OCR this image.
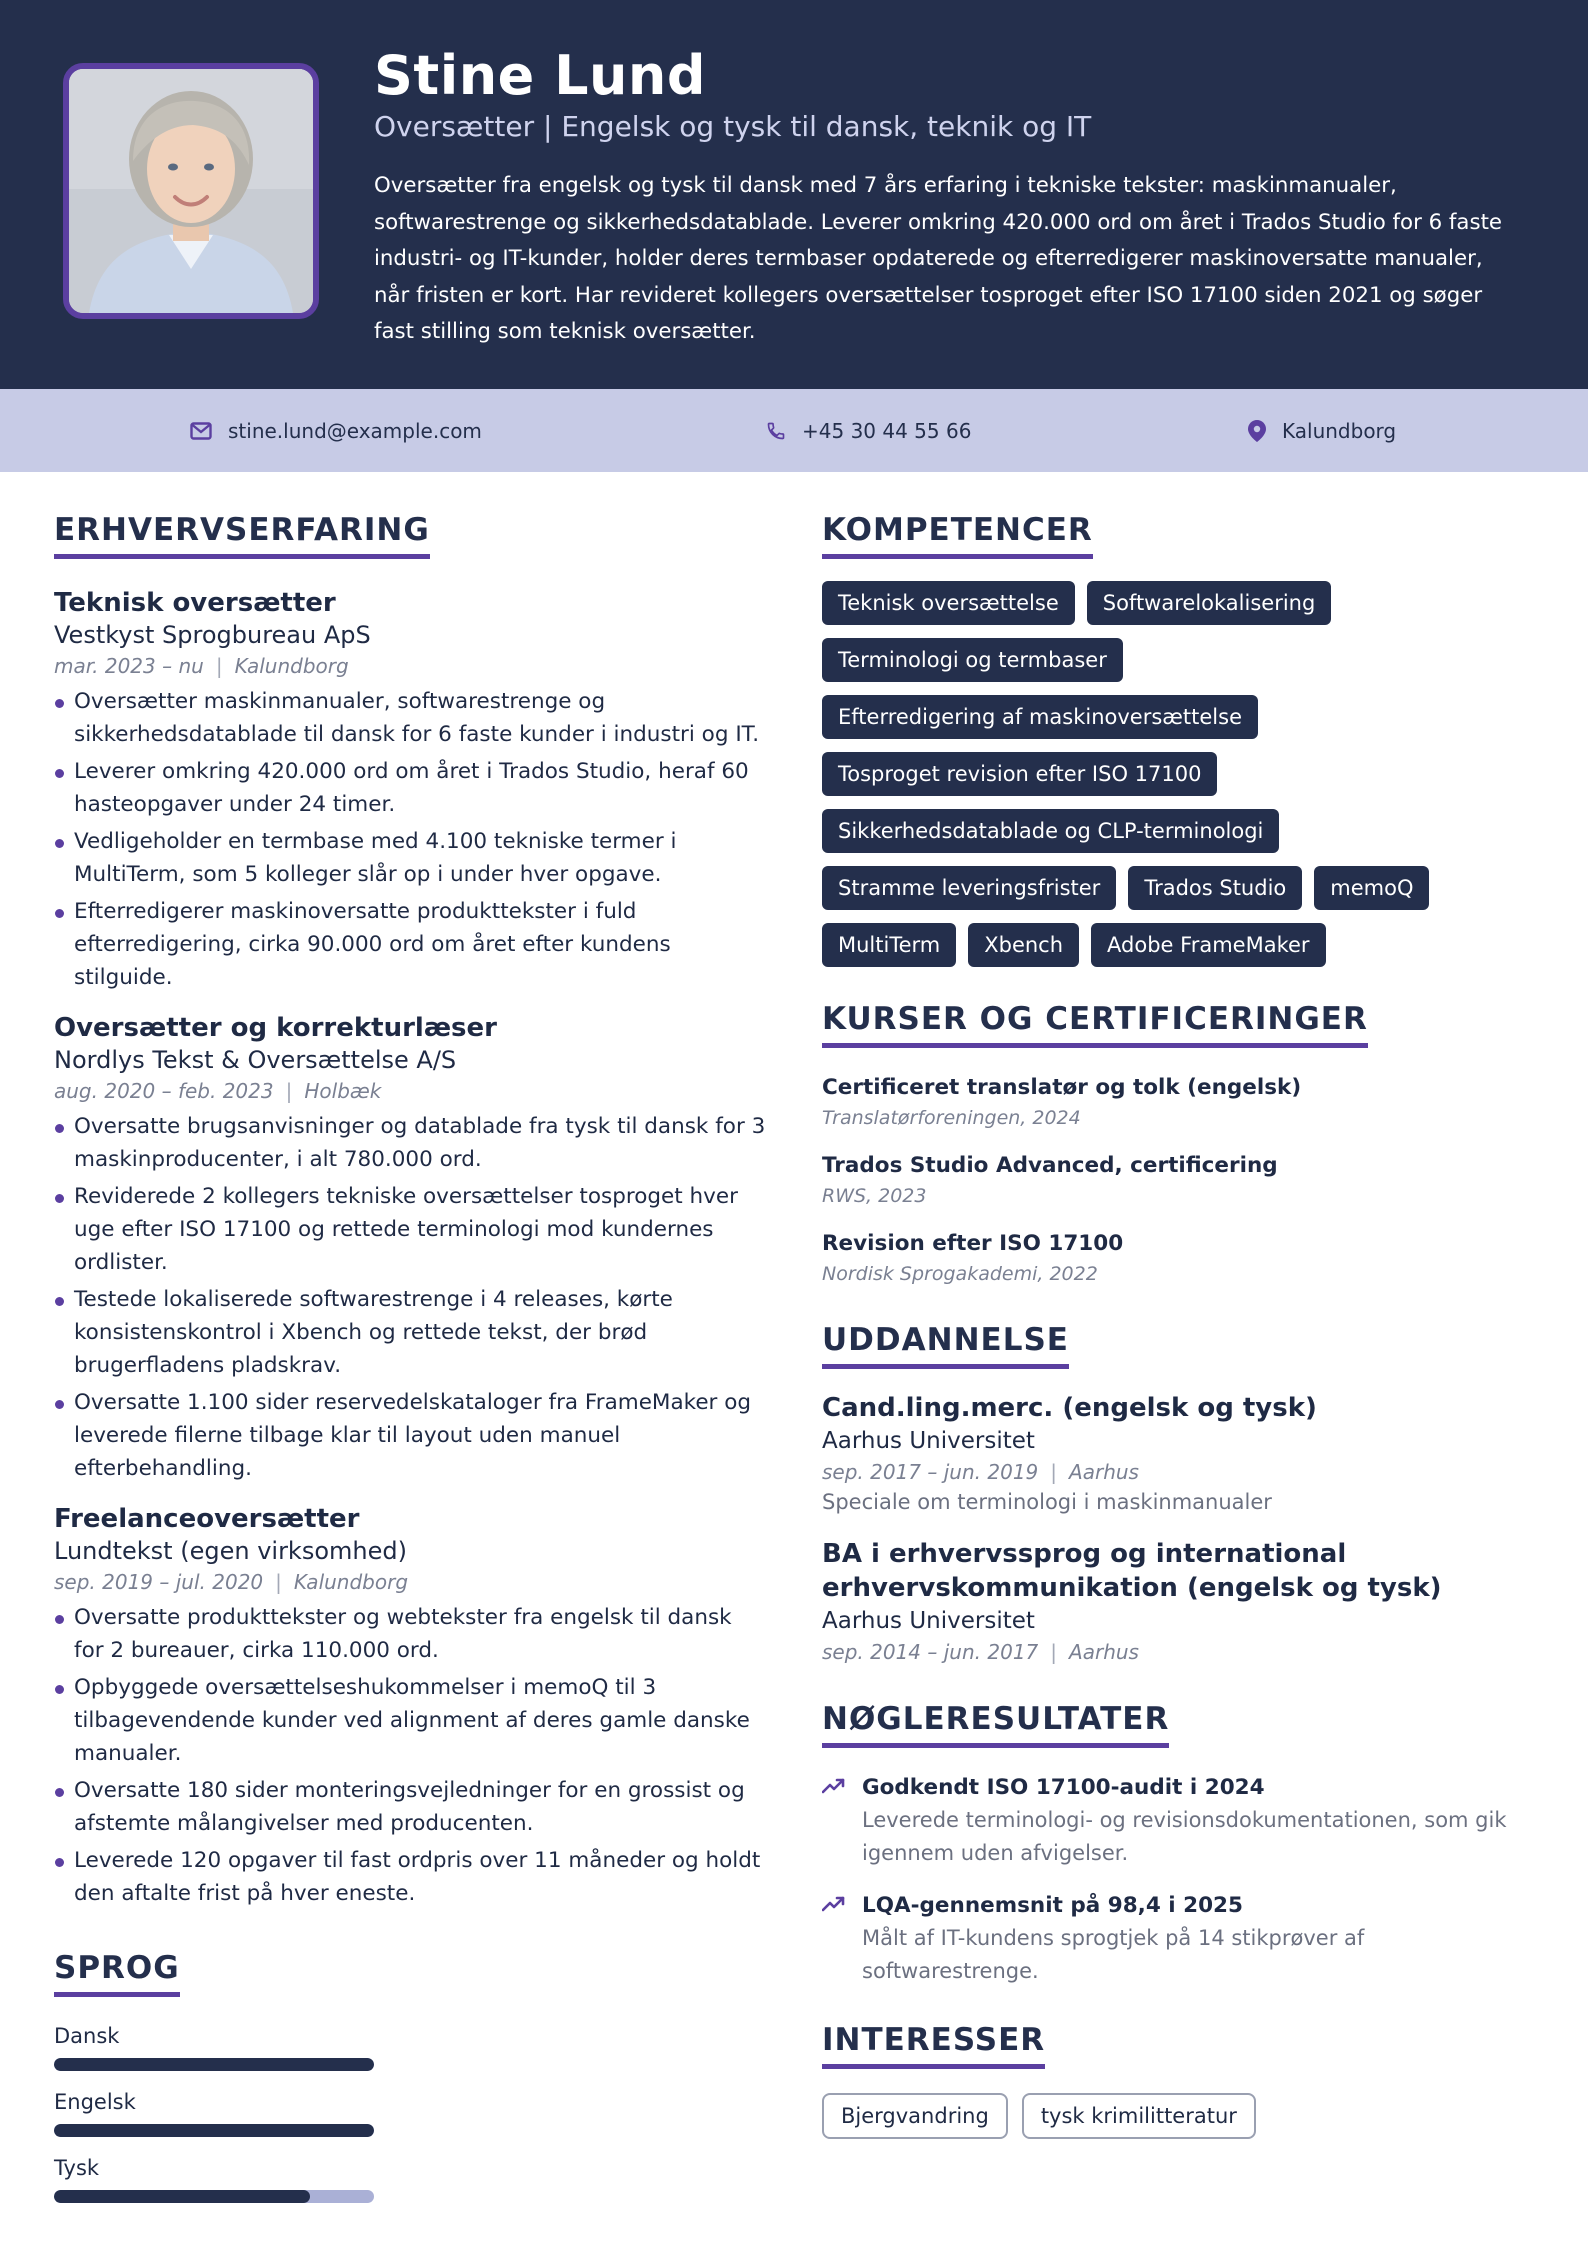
Stine Lund
Oversætter | Engelsk og tysk til dansk, teknik og IT
Oversætter fra engelsk og tysk til dansk med 7 års erfaring i tekniske tekster: maskinmanualer, softwarestrenge og sikkerhedsdatablade. Leverer omkring 420.000 ord om året i Trados Studio for 6 faste industri- og IT-kunder, holder deres termbaser opdaterede og efterredigerer maskinoversatte manualer, når fristen er kort. Har revideret kollegers oversættelser tosproget efter ISO 17100 siden 2021 og søger fast stilling som teknisk oversætter.
stine.lund@example.com	+45 30 44 55 66	Kalundborg
ERHVERVSERFARING
Teknisk oversætter
Vestkyst Sprogbureau ApS
mar. 2023 – nu | Kalundborg
Oversætter maskinmanualer, softwarestrenge og sikkerhedsdatablade til dansk for 6 faste kunder i industri og IT.
Leverer omkring 420.000 ord om året i Trados Studio, heraf 60 hasteopgaver under 24 timer.
Vedligeholder en termbase med 4.100 tekniske termer i MultiTerm, som 5 kolleger slår op i under hver opgave.
Efterredigerer maskinoversatte produkttekster i fuld efterredigering, cirka 90.000 ord om året efter kundens stilguide.
Oversætter og korrekturlæser
Nordlys Tekst & Oversættelse A/S
aug. 2020 – feb. 2023 | Holbæk
Oversatte brugsanvisninger og datablade fra tysk til dansk for 3 maskinproducenter, i alt 780.000 ord.
Reviderede 2 kollegers tekniske oversættelser tosproget hver uge efter ISO 17100 og rettede terminologi mod kundernes ordlister.
Testede lokaliserede softwarestrenge i 4 releases, kørte konsistenskontrol i Xbench og rettede tekst, der brød brugerfladens pladskrav.
Oversatte 1.100 sider reservedelskataloger fra FrameMaker og leverede filerne tilbage klar til layout uden manuel efterbehandling.
Freelanceoversætter
Lundtekst (egen virksomhed)
sep. 2019 – jul. 2020 | Kalundborg
Oversatte produkttekster og webtekster fra engelsk til dansk for 2 bureauer, cirka 110.000 ord.
Opbyggede oversættelseshukommelser i memoQ til 3 tilbagevendende kunder ved alignment af deres gamle danske manualer.
Oversatte 180 sider monteringsvejledninger for en grossist og afstemte målangivelser med producenten.
Leverede 120 opgaver til fast ordpris over 11 måneder og holdt den aftalte frist på hver eneste.
SPROG
Dansk
Engelsk
Tysk
KOMPETENCER
Teknisk oversættelse	Softwarelokalisering
Terminologi og termbaser
Efterredigering af maskinoversættelse
Tosproget revision efter ISO 17100
Sikkerhedsdatablade og CLP-terminologi
Stramme leveringsfrister	Trados Studio	memoQ
MultiTerm	Xbench	Adobe FrameMaker
KURSER OG CERTIFICERINGER
Certificeret translatør og tolk (engelsk)
Translatørforeningen, 2024
Trados Studio Advanced, certificering
RWS, 2023
Revision efter ISO 17100
Nordisk Sprogakademi, 2022
UDDANNELSE
Cand.ling.merc. (engelsk og tysk)
Aarhus Universitet
sep. 2017 – jun. 2019 | Aarhus
Speciale om terminologi i maskinmanualer
BA i erhvervssprog og international erhvervskommunikation (engelsk og tysk)
Aarhus Universitet
sep. 2014 – jun. 2017 | Aarhus
NØGLERESULTATER
Godkendt ISO 17100-audit i 2024
Leverede terminologi- og revisionsdokumentationen, som gik igennem uden afvigelser.
LQA-gennemsnit på 98,4 i 2025
Målt af IT-kundens sprogtjek på 14 stikprøver af softwarestrenge.
INTERESSER
Bjergvandring	tysk krimilitteratur
